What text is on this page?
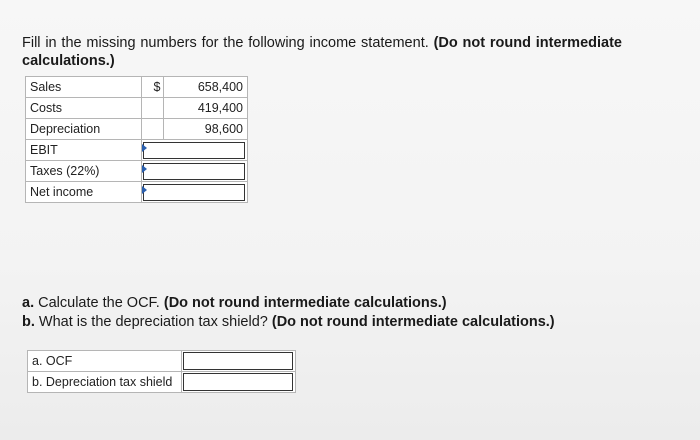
Fill in the missing numbers for the following income statement. (Do not round intermediate calculations.)
Sales	$	658,400
Costs		419,400
Depreciation		98,600
EBIT	

Taxes (22%)	

Net income	
a. Calculate the OCF. (Do not round intermediate calculations.)
b. What is the depreciation tax shield? (Do not round intermediate calculations.)
a. OCF	

b. Depreciation tax shield	
